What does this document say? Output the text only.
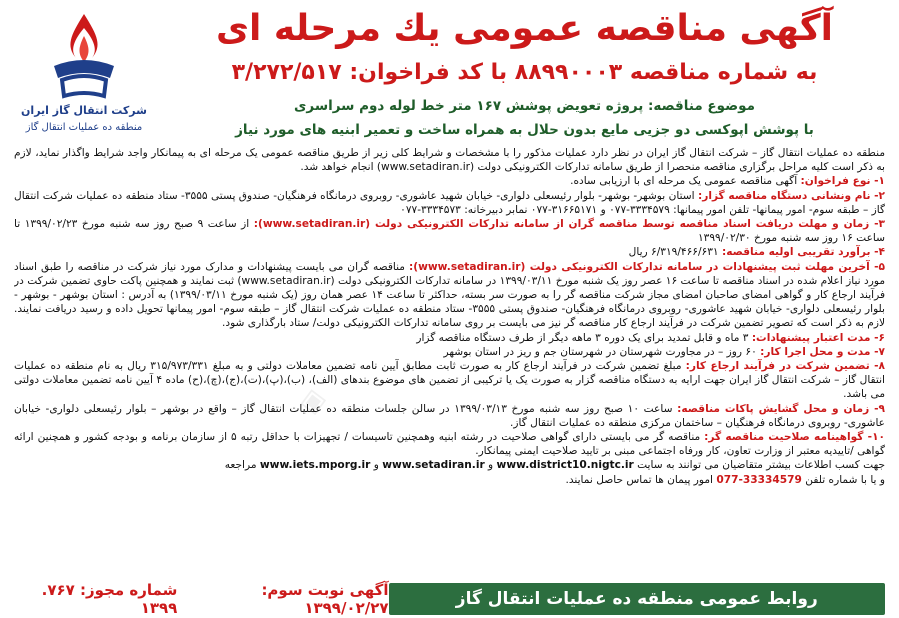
شرکت انتقال گاز ایران
منطقه ده عملیات انتقال گاز
آگهی مناقصه عمومی یك مرحله ای
به شماره مناقصه ۸۸۹۹۰۰۰۳ با کد فراخوان: ۳/۲۷۲/۵۱۷
موضوع مناقصه: پروژه تعویض پوشش ۱۶۷ متر خط لوله دوم سراسری
با پوشش اپوکسی دو جزیی مایع بدون حلال به همراه ساخت و تعمیر ابنیه های مورد نیاز
◈

منطقه ده عملیات انتقال گاز – شرکت انتقال گاز ایران در نظر دارد عملیات مذکور را با مشخصات و شرایط کلی زیر از طریق مناقصه عمومی یک مرحله ای به پیمانکار واجد شرایط واگذار نماید، لازم به ذکر است کلیه مراحل برگزاری مناقصه منحصرا از طریق سامانه تدارکات الکترونیکی دولت (www.setadiran.ir) انجام خواهد شد.

۱- نوع فراخوان: آگهی مناقصه عمومی یک مرحله ای با ارزیابی ساده.

۲- نام ونشانی دستگاه مناقصه گزار: استان بوشهر- بوشهر- بلوار رئیسعلی دلواری- خیابان شهید عاشوری- روبروی درمانگاه فرهنگیان- صندوق پستی ۳۵۵۵- ستاد منطقه ده عملیات شرکت انتقال گاز – طبقه سوم- امور پیمانها- تلفن امور پیمانها: ۳۳۳۴۵۷۹-۰۷۷ و ۳۱۶۶۵۱۷۱-۰۷۷ نمابر دبیرخانه: ۳۳۳۴۵۷۳-۰۷۷

۳- زمان و مهلت دریافت اسناد مناقصه توسط مناقصه گران از سامانه تدارکات الکترونیکی دولت (www.setadiran.ir): از ساعت ۹ صبح روز سه شنبه مورخ ۱۳۹۹/۰۲/۲۳ تا ساعت ۱۶ روز سه شنبه مورخ ۱۳۹۹/۰۲/۳۰

۴- برآورد تقریبی اولیه مناقصه: ۶/۳۱۹/۴۶۶/۶۳۱ ریال

۵- آخرین مهلت ثبت پیشنهادات در سامانه تدارکات الکترونیکی دولت (www.setadiran.ir): مناقصه گران می بایست پیشنهادات و مدارک مورد نیاز شرکت در مناقصه را طبق اسناد مورد نیاز اعلام شده در اسناد مناقصه تا ساعت ۱۶ عصر روز یک شنبه مورخ ۱۳۹۹/۰۳/۱۱ در سامانه تدارکات الکترونیکی دولت (www.setadiran.ir) ثبت نمایند و همچنین پاکت حاوی تضمین شرکت در فرآیند ارجاع کار و گواهی امضای صاحبان امضای مجاز شرکت مناقصه گر را به صورت سر بسته، حداکثر تا ساعت ۱۴ عصر همان روز (یک شنبه مورخ ۱۳۹۹/۰۳/۱۱) به آدرس : استان بوشهر - بوشهر - بلوار رئیسعلی دلواری- خیابان شهید عاشوری- روبروی درمانگاه فرهنگیان- صندوق پستی ۳۵۵۵- ستاد منطقه ده عملیات شرکت انتقال گاز – طبقه سوم- امور پیمانها تحویل داده و رسید دریافت نمایند. لازم به ذکر است که تصویر تضمین شرکت در فرآیند ارجاع کار مناقصه گر نیز می بایست بر روی سامانه تدارکات الکترونیکی دولت/ ستاد بارگذاری شود.

۶- مدت اعتبار پیشنهادات: ۳ ماه و قابل تمدید برای یک دوره ۳ ماهه دیگر از طرف دستگاه مناقصه گزار

۷- مدت و محل اجرا کار: ۶۰ روز – در مجاورت شهرستان در شهرستان جم و ریز در استان بوشهر

۸- تضمین شرکت در فرآیند ارجاع کار: مبلغ تضمین شرکت در فرآیند ارجاع کار به صورت ثابت مطابق آیین نامه تضمین معاملات دولتی و به مبلغ ۳۱۵/۹۷۳/۳۳۱ ریال به نام منطقه ده عملیات انتقال گاز – شرکت انتقال گاز ایران جهت ارایه به دستگاه مناقصه گزار به صورت یک یا ترکیبی از تضمین های موضوع بندهای (الف)، (ب)،(پ)،(ت)،(ج)،(چ)،(ح) ماده ۴ آیین نامه تضمین معاملات دولتی می باشد.

۹- زمان و محل گشایش پاکات مناقصه: ساعت ۱۰ صبح روز سه شنبه مورخ ۱۳۹۹/۰۳/۱۳ در سالن جلسات منطقه ده عملیات انتقال گاز – واقع در بوشهر – بلوار رئیسعلی دلواری- خیابان عاشوری- روبروی درمانگاه فرهنگیان – ساختمان مرکزی منطقه ده عملیات انتقال گاز.

۱۰- گواهینامه صلاحیت مناقصه گر: مناقصه گر می بایستی دارای گواهی صلاحیت در رشته ابنیه وهمچنین تاسیسات / تجهیزات با حداقل رتبه ۵ از سازمان برنامه و بودجه کشور و همچنین ارائه گواهی /تاییدیه معتبر از وزارت تعاون، کار ورفاه اجتماعی مبنی بر تایید صلاحیت ایمنی پیمانکار.

جهت کسب اطلاعات بیشتر متقاضیان می توانند به سایت www.district10.nigtc.ir و www.setadiran.ir و www.iets.mporg.ir مراجعه

و یا با شماره تلفن 33334579-077 امور پیمان ها تماس حاصل نمایند.

روابط عمومی منطقه ده عملیات انتقال گاز
آگهی نوبت سوم: ۱۳۹۹/۰۲/۲۷
شماره مجوز: ۷۶۷. ۱۳۹۹
